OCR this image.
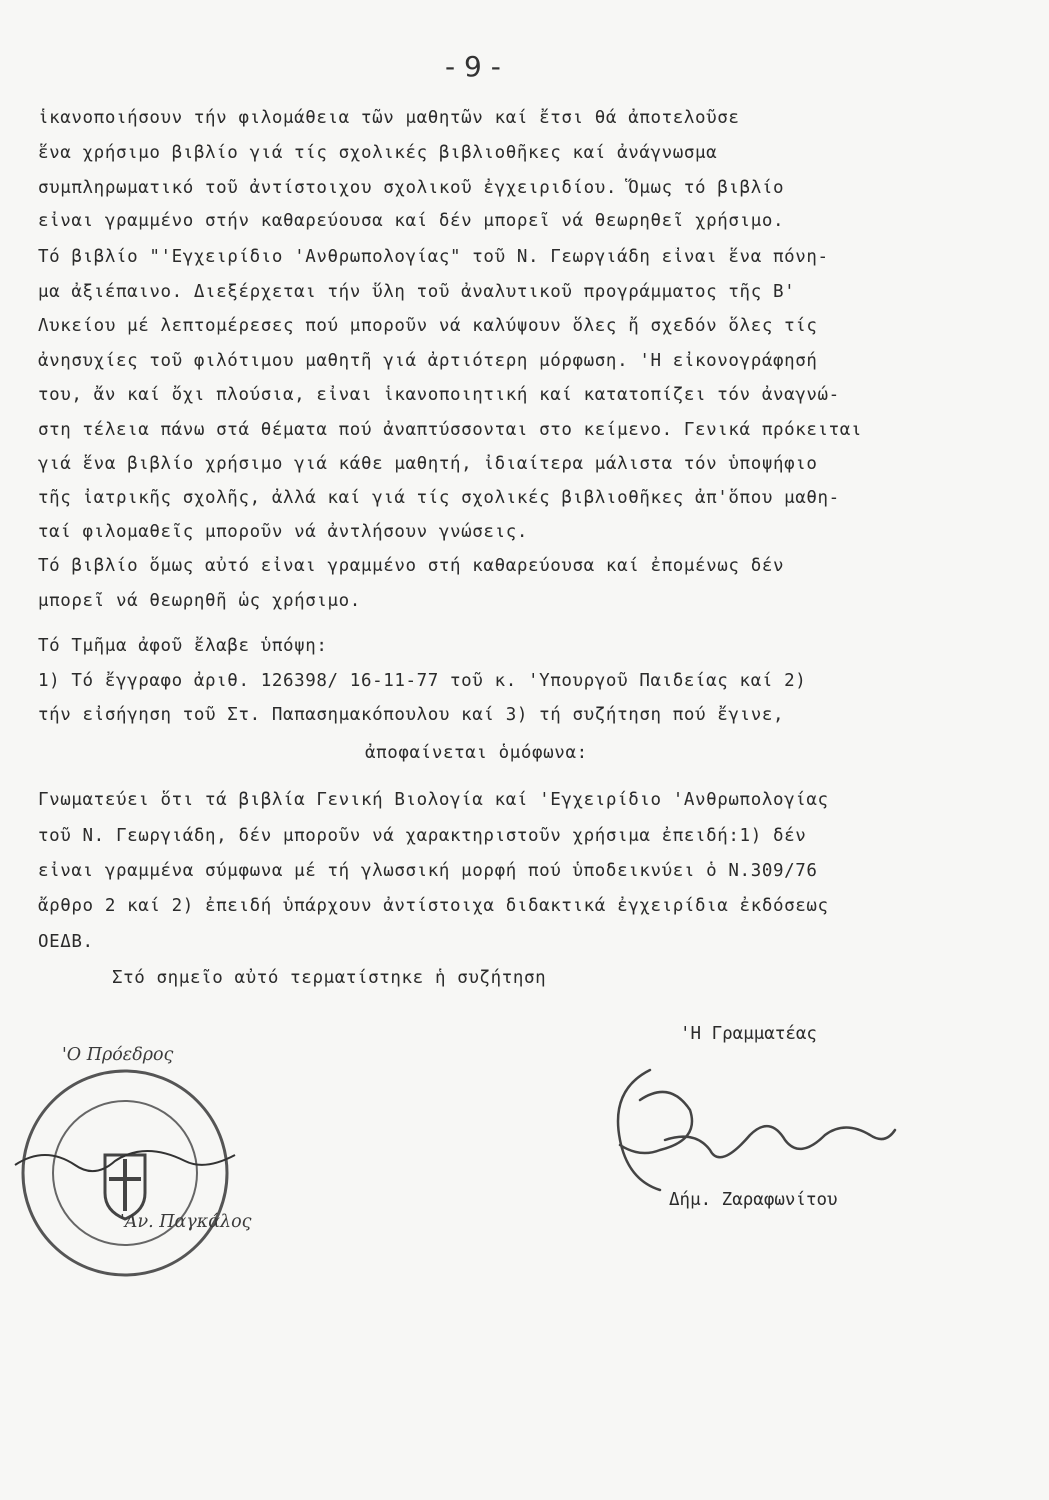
- 9 -
ἱκανοποιήσουν τήν φιλομάθεια τῶν μαθητῶν καί ἔτσι θά ἀποτελοῦσε
ἕνα χρήσιμο βιβλίο γιά τίς σχολικές βιβλιοθῆκες καί ἀνάγνωσμα
συμπληρωματικό τοῦ ἀντίστοιχου σχολικοῦ ἐγχειριδίου. Ὅμως τό βιβλίο
εἶναι γραμμένο στήν καθαρεύουσα καί δέν μπορεῖ νά θεωρηθεῖ χρήσιμο.
Τό βιβλίο "'Εγχειρίδιο 'Ανθρωπολογίας" τοῦ Ν. Γεωργιάδη εἶναι ἕνα πόνη-
μα ἀξιέπαινο. Διεξέρχεται τήν ὕλη τοῦ ἀναλυτικοῦ προγράμματος τῆς Β'
Λυκείου μέ λεπτομέρεσες πού μποροῦν νά καλύψουν ὅλες ἤ σχεδόν ὅλες τίς
ἀνησυχίες τοῦ φιλότιμου μαθητῆ γιά ἀρτιότερη μόρφωση. 'Η εἰκονογράφησή
του, ἄν καί ὄχι πλούσια, εἶναι ἱκανοποιητική καί κατατοπίζει τόν ἀναγνώ-
στη τέλεια πάνω στά θέματα πού ἀναπτύσσονται στο κείμενο. Γενικά πρόκειται
γιά ἕνα βιβλίο χρήσιμο γιά κάθε μαθητή, ἰδιαίτερα μάλιστα τόν ὑποψήφιο
τῆς ἰατρικῆς σχολῆς, ἀλλά καί γιά τίς σχολικές βιβλιοθῆκες ἀπ'ὅπου μαθη-
ταί φιλομαθεῖς μποροῦν νά ἀντλήσουν γνώσεις.
Τό βιβλίο ὅμως αὐτό εἶναι γραμμένο στή καθαρεύουσα καί ἐπομένως δέν
μπορεῖ νά θεωρηθῆ ὡς χρήσιμο.
Τό Τμῆμα ἀφοῦ ἔλαβε ὑπόψη:
1) Τό ἔγγραφο ἀριθ. 126398/ 16-11-77 τοῦ κ. 'Υπουργοῦ Παιδείας καί 2)
τήν εἰσήγηση τοῦ Στ. Παπασημακόπουλου καί 3) τή συζήτηση πού ἔγινε,
ἀποφαίνεται ὁμόφωνα:
Γνωματεύει ὅτι τά βιβλία Γενική Βιολογία καί 'Εγχειρίδιο 'Ανθρωπολογίας
τοῦ Ν. Γεωργιάδη, δέν μποροῦν νά χαρακτηριστοῦν χρήσιμα ἐπειδή:1) δέν
εἶναι γραμμένα σύμφωνα μέ τή γλωσσική μορφή πού ὑποδεικνύει ὁ Ν.309/76
ἄρθρο 2 καί 2) ἐπειδή ὑπάρχουν ἀντίστοιχα διδακτικά ἐγχειρίδια ἐκδόσεως
ΟΕΔΒ.
Στό σημεῖο αὐτό τερματίστηκε ἡ συζήτηση
'Ο Πρόεδρος
'Αν. Παγκάλος
'Η Γραμματέας
Δήμ. Ζαραφωνίτου
